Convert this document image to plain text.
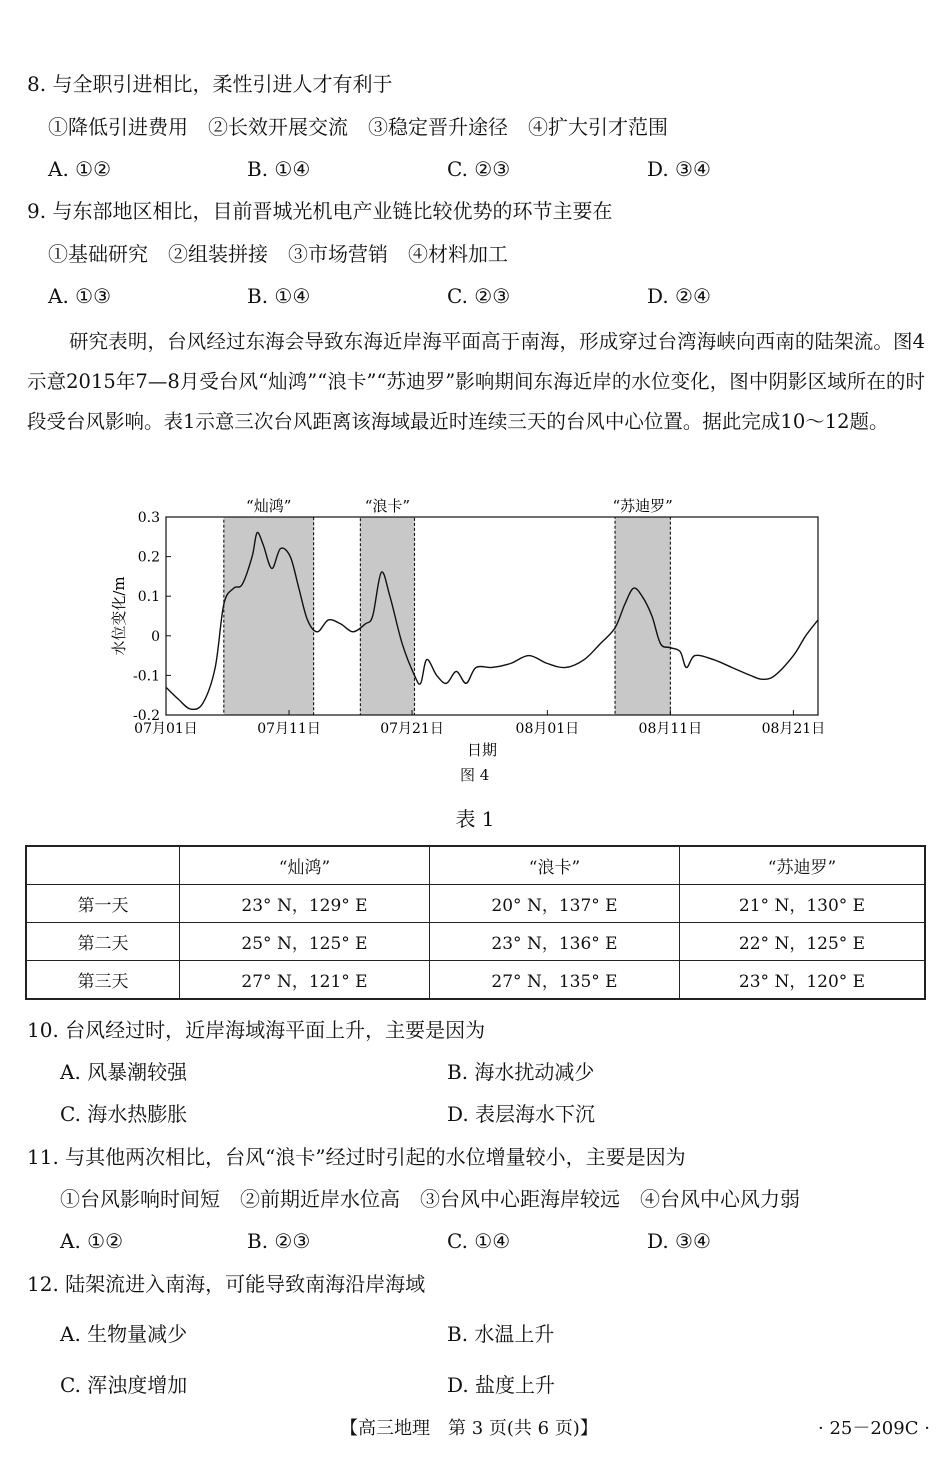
8. 与全职引进相比，柔性引进人才有利于
①降低引进费用　②长效开展交流　③稳定晋升途径　④扩大引才范围
A. ①②	B. ①④	C. ②③	D. ③④
9. 与东部地区相比，目前晋城光机电产业链比较优势的环节主要在
①基础研究　②组装拼接　③市场营销　④材料加工
A. ①③	B. ①④	C. ②③	D. ②④

研究表明，台风经过东海会导致东海近岸海平面高于南海，形成穿过台湾海峡向西南的陆架流。图4示意2015年7—8月受台风“灿鸿”“浪卡”“苏迪罗”影响期间东海近岸的水位变化，图中阴影区域所在的时段受台风影响。表1示意三次台风距离该海域最近时连续三天的台风中心位置。据此完成10～12题。

“灿鸿”	“浪卡”	“苏迪罗”
-0.2
-0.1
0
0.1
0.2
0.3
07月01日	07月11日	07月21日	08月01日	08月11日	08月21日
水位变化/m
日期
图 4
表 1
	“灿鸿”	“浪卡”	“苏迪罗”
第一天	23° N，129° E	20° N，137° E	21° N，130° E
第二天	25° N，125° E	23° N，136° E	22° N，125° E
第三天	27° N，121° E	27° N，135° E	23° N，120° E
10. 台风经过时，近岸海域海平面上升，主要是因为
A. 风暴潮较强	B. 海水扰动减少
C. 海水热膨胀	D. 表层海水下沉
11. 与其他两次相比，台风“浪卡”经过时引起的水位增量较小，主要是因为
①台风影响时间短　②前期近岸水位高　③台风中心距海岸较远　④台风中心风力弱
A. ①②	B. ②③	C. ①④	D. ③④
12. 陆架流进入南海，可能导致南海沿岸海域
A. 生物量减少	B. 水温上升
C. 浑浊度增加	D. 盐度上升
【高三地理　第 3 页(共 6 页)】	· 25－209C ·
